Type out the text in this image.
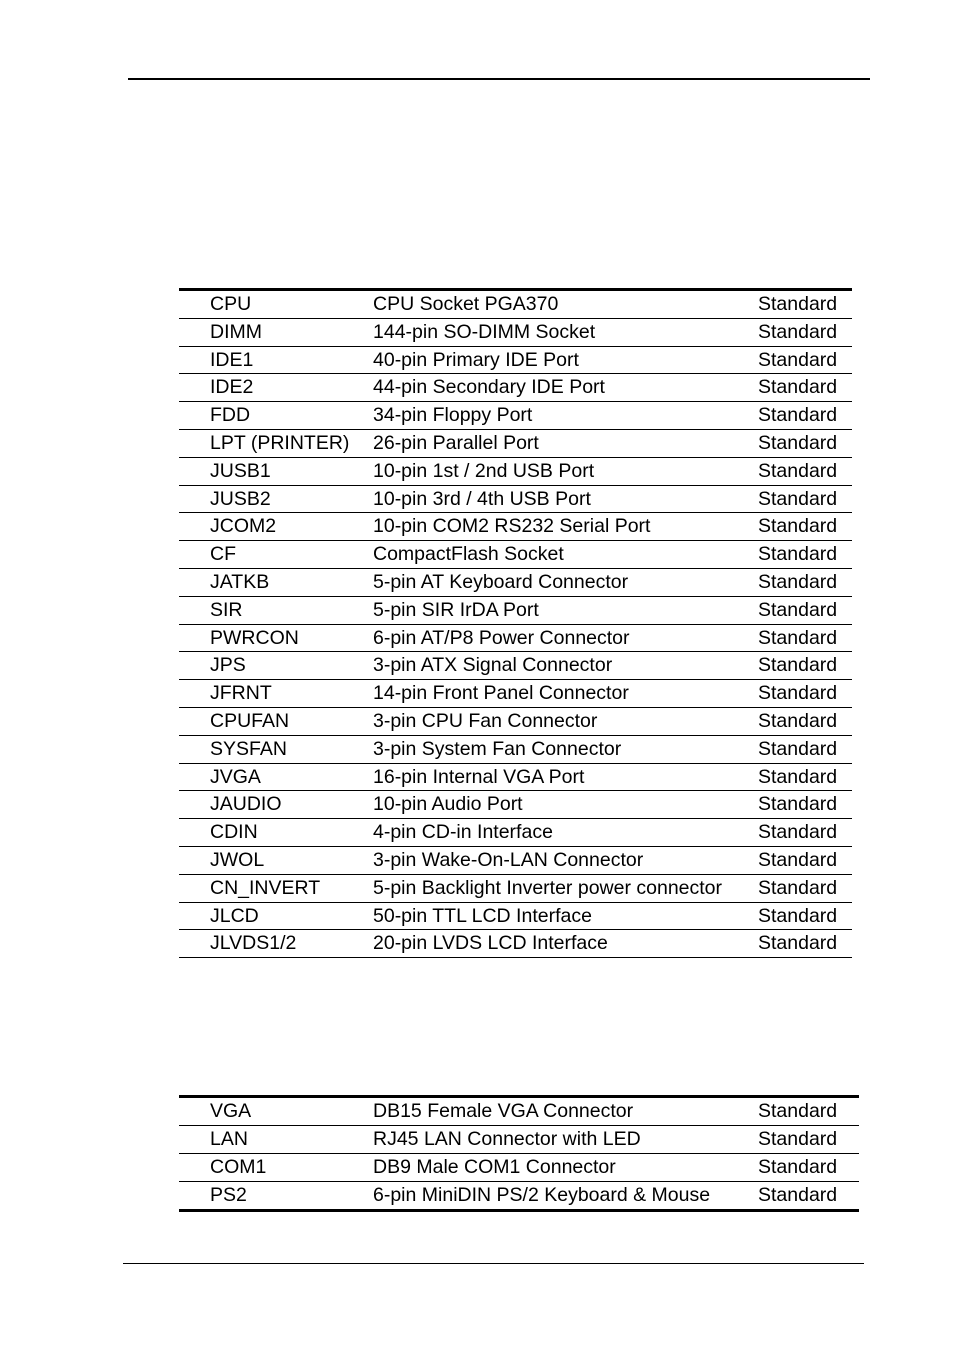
CPU	CPU Socket PGA370	Standard
DIMM	144-pin SO-DIMM Socket	Standard
IDE1	40-pin Primary IDE Port	Standard
IDE2	44-pin Secondary IDE Port	Standard
FDD	34-pin Floppy Port	Standard
LPT (PRINTER)	26-pin Parallel Port	Standard
JUSB1	10-pin 1st / 2nd USB Port	Standard
JUSB2	10-pin 3rd / 4th USB Port	Standard
JCOM2	10-pin COM2 RS232 Serial Port	Standard
CF	CompactFlash Socket	Standard
JATKB	5-pin AT Keyboard Connector	Standard
SIR	5-pin SIR IrDA Port	Standard
PWRCON	6-pin AT/P8 Power Connector	Standard
JPS	3-pin ATX Signal Connector	Standard
JFRNT	14-pin Front Panel Connector	Standard
CPUFAN	3-pin CPU Fan Connector	Standard
SYSFAN	3-pin System Fan Connector	Standard
JVGA	16-pin Internal VGA Port	Standard
JAUDIO	10-pin Audio Port	Standard
CDIN	4-pin CD-in Interface	Standard
JWOL	3-pin Wake-On-LAN Connector	Standard
CN_INVERT	5-pin Backlight Inverter power connector	Standard
JLCD	50-pin TTL LCD Interface	Standard
JLVDS1/2	20-pin LVDS LCD Interface	Standard
VGA	DB15 Female VGA Connector	Standard
LAN	RJ45 LAN Connector with LED	Standard
COM1	DB9 Male COM1 Connector	Standard
PS2	6-pin MiniDIN PS/2 Keyboard & Mouse	Standard
